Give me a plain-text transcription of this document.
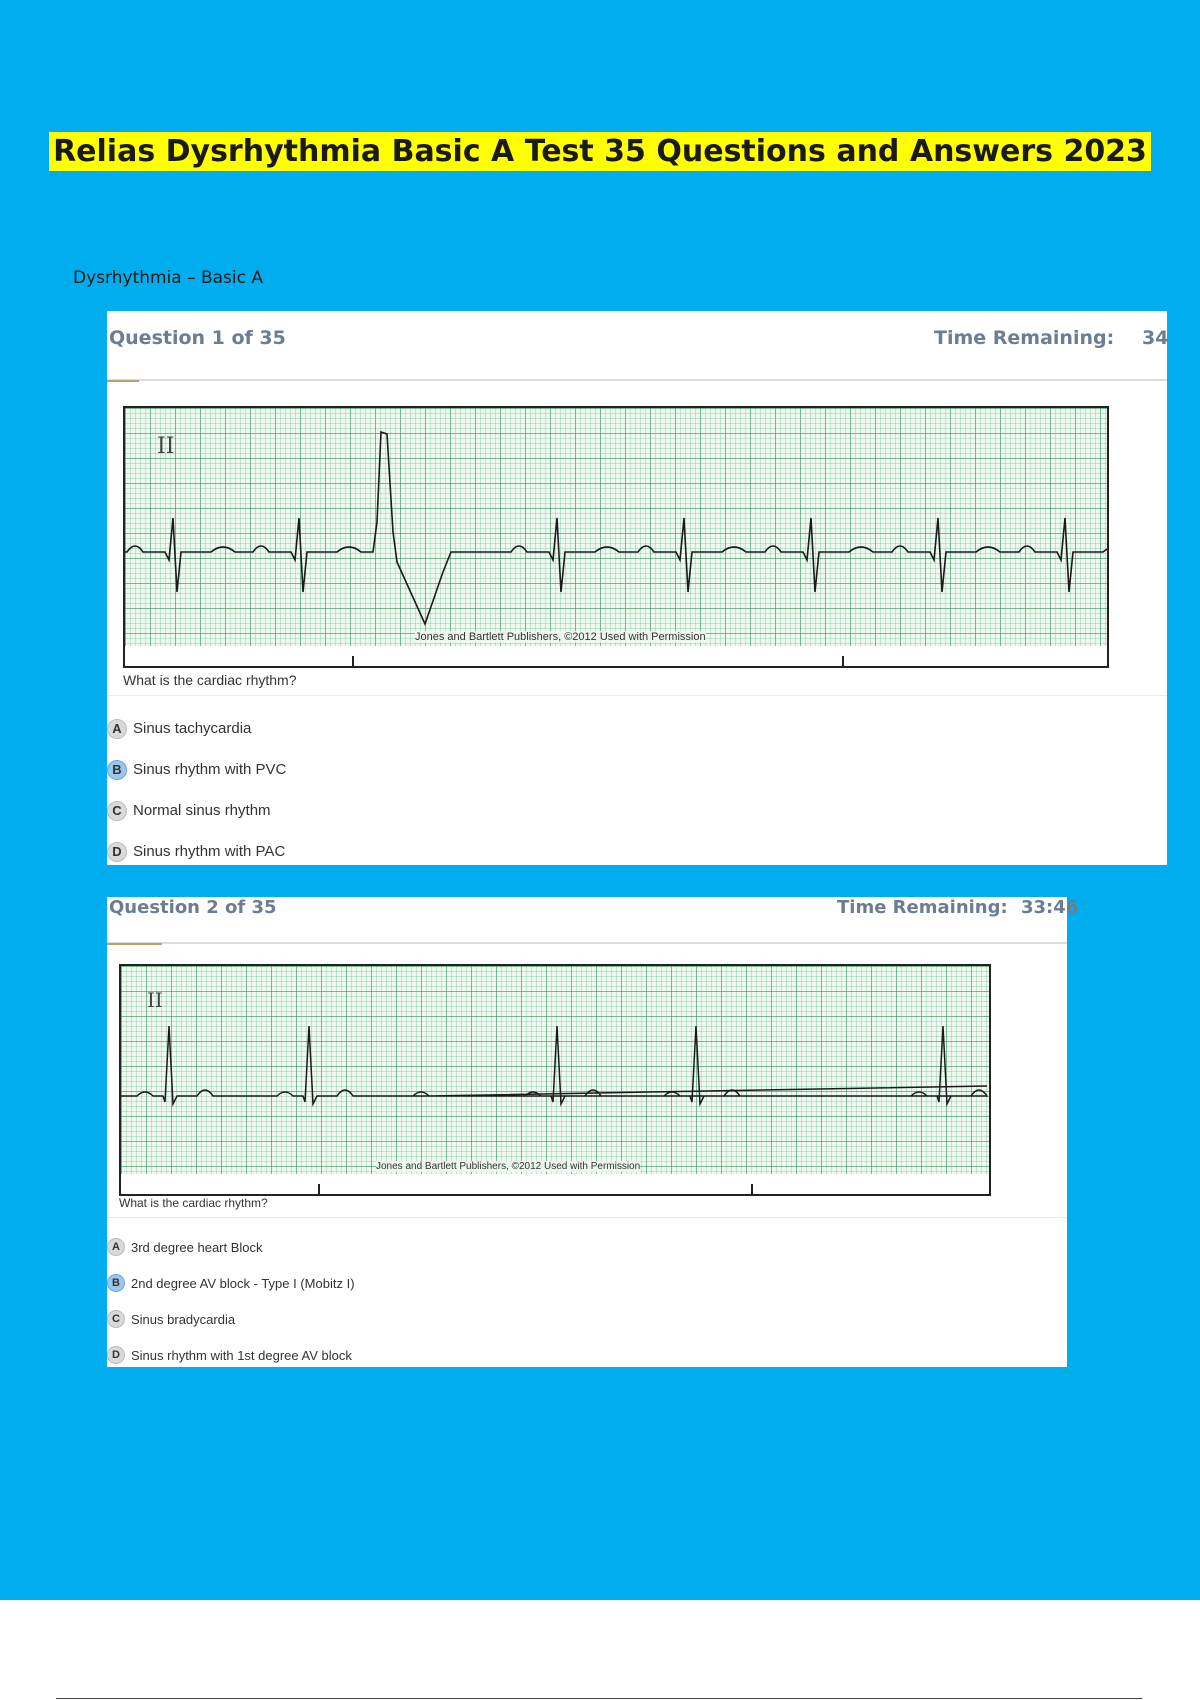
Relias Dysrhythmia Basic A Test 35 Questions and Answers 2023
Dysrhythmia – Basic A
Question 1 of 35	Time Remaining: 34
II
Jones and Bartlett Publishers, ©2012 Used with Permission
What is the cardiac rhythm?
A Sinus tachycardia
B Sinus rhythm with PVC
C Normal sinus rhythm
D Sinus rhythm with PAC
Question 2 of 35	Time Remaining: 33:46
II
Jones and Bartlett Publishers, ©2012 Used with Permission
What is the cardiac rhythm?
A 3rd degree heart Block
B 2nd degree AV block - Type I (Mobitz I)
C Sinus bradycardia
D Sinus rhythm with 1st degree AV block
